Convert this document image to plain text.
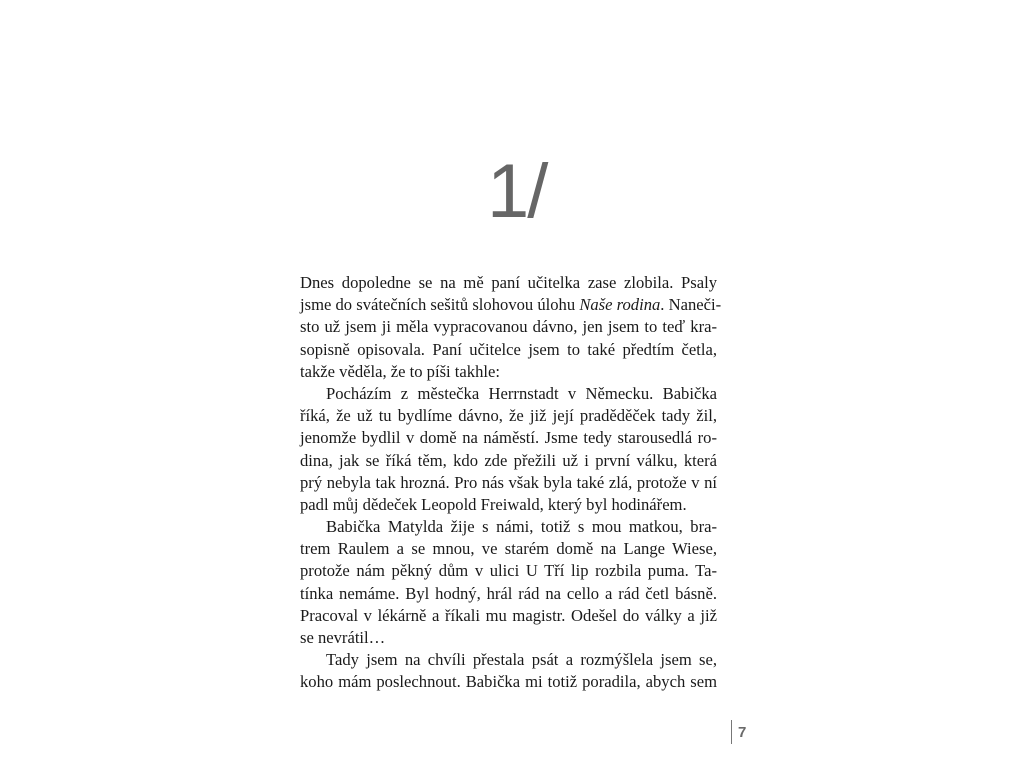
1/
Dnes dopoledne se na mě paní učitelka zase zlobila. Psaly
jsme do svátečních sešitů slohovou úlohu Naše rodina. Naneči-
sto už jsem ji měla vypracovanou dávno, jen jsem to teď kra-
sopisně opisovala. Paní učitelce jsem to také předtím četla,
takže věděla, že to píši takhle:
Pocházím z městečka Herrnstadt v Německu. Babička
říká, že už tu bydlíme dávno, že již její praděděček tady žil,
jenomže bydlil v domě na náměstí. Jsme tedy starousedlá ro-
dina, jak se říká těm, kdo zde přežili už i první válku, která
prý nebyla tak hrozná. Pro nás však byla také zlá, protože v ní
padl můj dědeček Leopold Freiwald, který byl hodinářem.
Babička Matylda žije s námi, totiž s mou matkou, bra-
trem Raulem a se mnou, ve starém domě na Lange Wiese,
protože nám pěkný dům v ulici U Tří lip rozbila puma. Ta-
tínka nemáme. Byl hodný, hrál rád na cello a rád četl básně.
Pracoval v lékárně a říkali mu magistr. Odešel do války a již
se nevrátil…
Tady jsem na chvíli přestala psát a rozmýšlela jsem se,
koho mám poslechnout. Babička mi totiž poradila, abych sem
7
